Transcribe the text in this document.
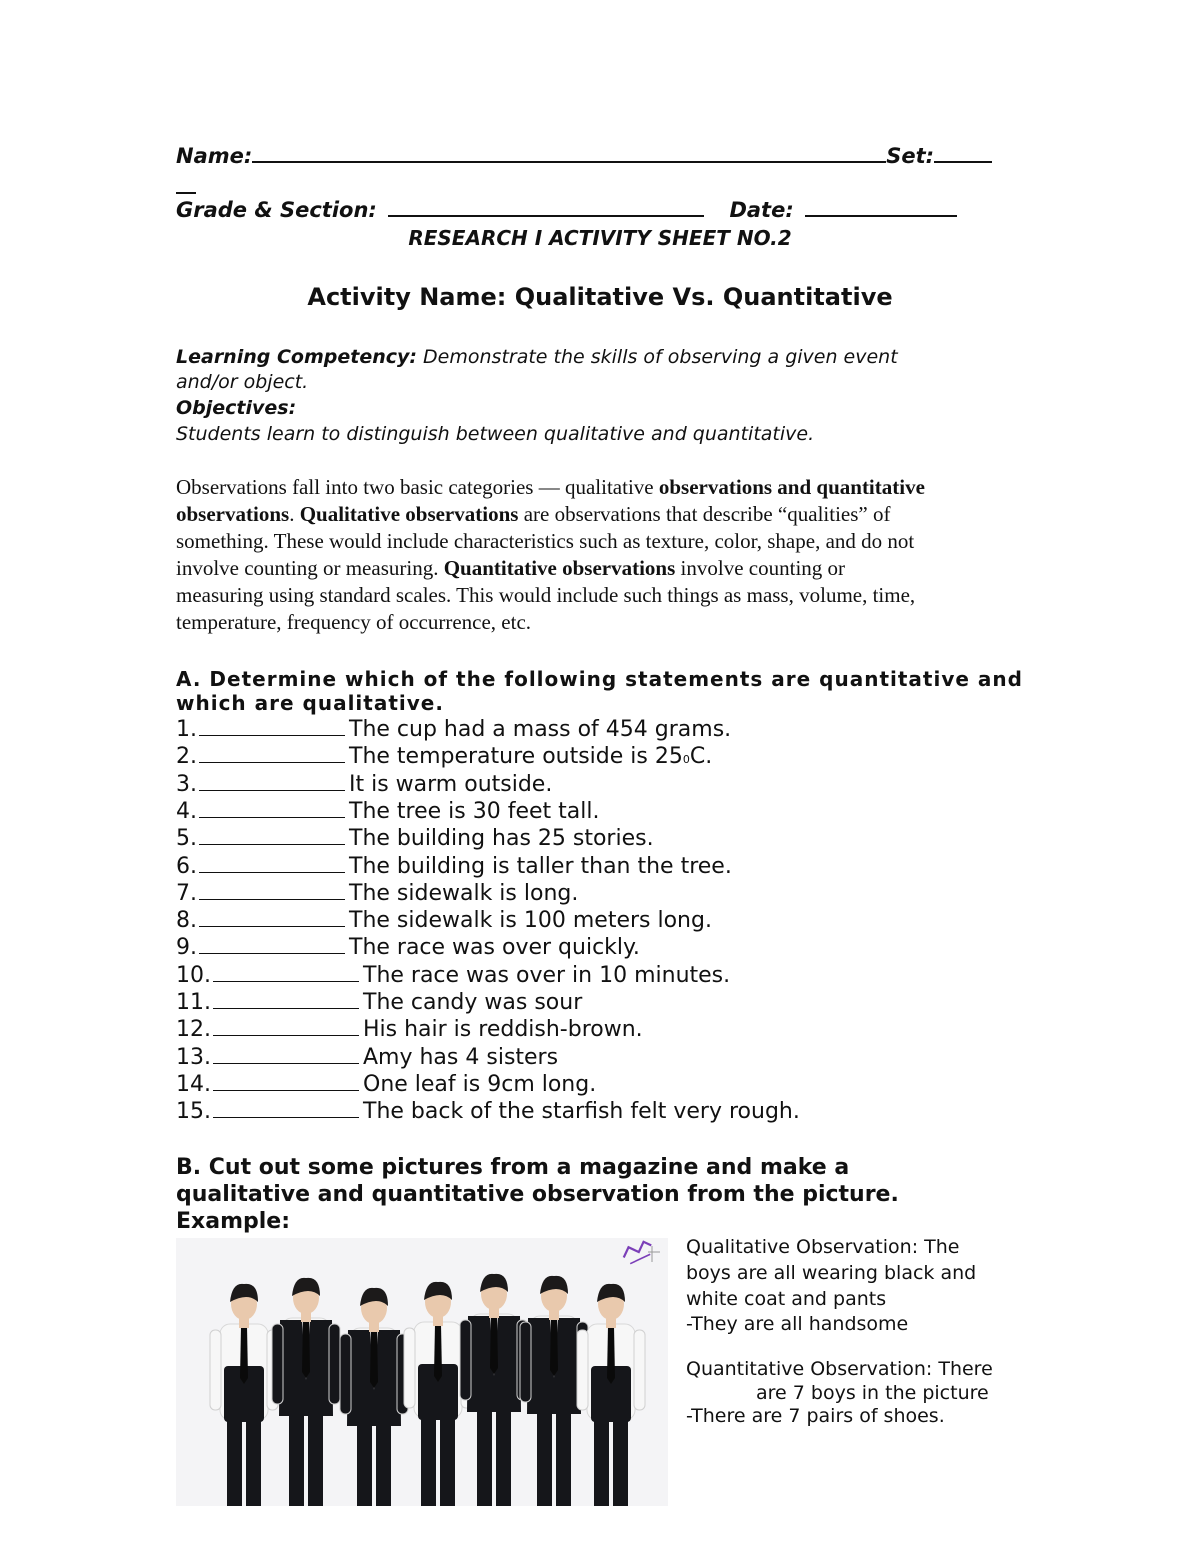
Name:	Set:
Grade & Section:	Date:
RESEARCH I ACTIVITY SHEET NO.2
Activity Name: Qualitative Vs. Quantitative
Learning Competency: Demonstrate the skills of observing a given event
and/or object.
Objectives:
Students learn to distinguish between qualitative and quantitative.
Observations fall into two basic categories — qualitative observations and quantitative
observations. Qualitative observations are observations that describe “qualities” of
something. These would include characteristics such as texture, color, shape, and do not
involve counting or measuring. Quantitative observations involve counting or
measuring using standard scales. This would include such things as mass, volume, time,
temperature, frequency of occurrence, etc.
A. Determine which of the following statements are quantitative and
which are qualitative.
1.	The cup had a mass of 454 grams.
2.	The temperature outside is 250C.
3.	It is warm outside.
4.	The tree is 30 feet tall.
5.	The building has 25 stories.
6.	The building is taller than the tree.
7.	The sidewalk is long.
8.	The sidewalk is 100 meters long.
9.	The race was over quickly.
10.	The race was over in 10 minutes.
11.	The candy was sour
12.	His hair is reddish-brown.
13.	Amy has 4 sisters
14.	One leaf is 9cm long.
15.	The back of the starfish felt very rough.
B. Cut out some pictures from a magazine and make a
qualitative and quantitative observation from the picture.
Example:
Qualitative Observation: The
boys are all wearing black and
white coat and pants
-They are all handsome
Quantitative Observation: There
are 7 boys in the picture
-There are 7 pairs of shoes.
